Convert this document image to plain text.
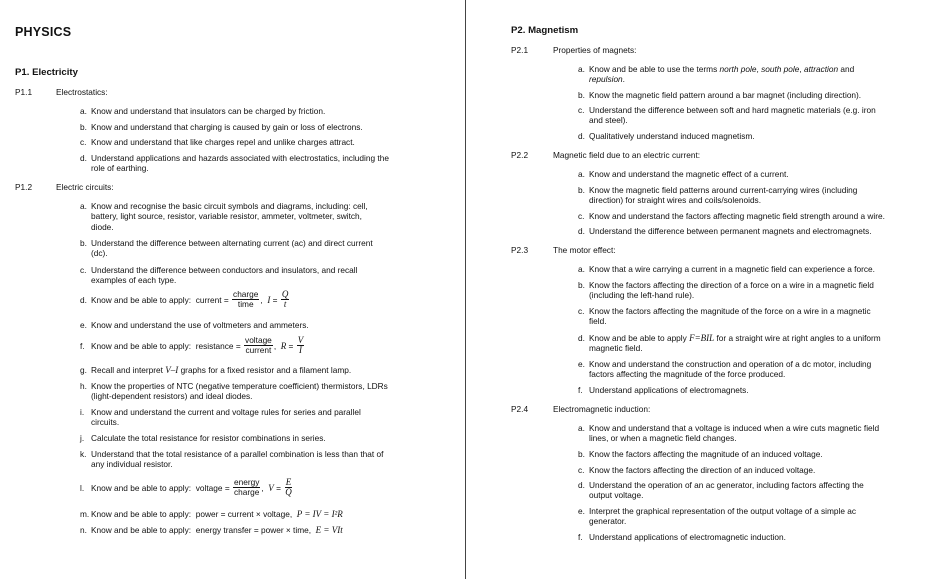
PHYSICS
P1. Electricity
P1.1	Electrostatics:
a. Know and understand that insulators can be charged by friction.
b. Know and understand that charging is caused by gain or loss of electrons.
c. Know and understand that like charges repel and unlike charges attract.
d. Understand applications and hazards associated with electrostatics, including the
role of earthing.
P1.2	Electric circuits:
a. Know and recognise the basic circuit symbols and diagrams, including: cell,
battery, light source, resistor, variable resistor, ammeter, voltmeter, switch,
diode.
b. Understand the difference between alternating current (ac) and direct current
(dc).
c. Understand the difference between conductors and insulators, and recall
examples of each type.
d. Know and be able to apply: current = $\frac{\text{charge}}{\text{time}}$ ,  $I = \frac{Q}{t}$
e. Know and understand the use of voltmeters and ammeters.
f. Know and be able to apply: resistance = $\frac{\text{voltage}}{\text{current}}$ ,  $R = \frac{V}{I}$
g. Recall and interpret V–I graphs for a fixed resistor and a filament lamp.
h. Know the properties of NTC (negative temperature coefficient) thermistors, LDRs
(light-dependent resistors) and ideal diodes.
i. Know and understand the current and voltage rules for series and parallel
circuits.
j. Calculate the total resistance for resistor combinations in series.
k. Understand that the total resistance of a parallel combination is less than that of
any individual resistor.
l. Know and be able to apply: voltage = $\frac{\text{energy}}{\text{charge}}$ ,  $V = \frac{E}{Q}$
m. Know and be able to apply: power = current × voltage, P = IV = I²R
n. Know and be able to apply: energy transfer = power × time, E = VIt
P2. Magnetism
P2.1	Properties of magnets:
a. Know and be able to use the terms north pole, south pole, attraction and
repulsion.
b. Know the magnetic field pattern around a bar magnet (including direction).
c. Understand the difference between soft and hard magnetic materials (e.g. iron
and steel).
d. Qualitatively understand induced magnetism.
P2.2	Magnetic field due to an electric current:
a. Know and understand the magnetic effect of a current.
b. Know the magnetic field patterns around current-carrying wires (including
direction) for straight wires and coils/solenoids.
c. Know and understand the factors affecting magnetic field strength around a wire.
d. Understand the difference between permanent magnets and electromagnets.
P2.3	The motor effect:
a. Know that a wire carrying a current in a magnetic field can experience a force.
b. Know the factors affecting the direction of a force on a wire in a magnetic field
(including the left-hand rule).
c. Know the factors affecting the magnitude of the force on a wire in a magnetic
field.
d. Know and be able to apply F=BIL for a straight wire at right angles to a uniform
magnetic field.
e. Know and understand the construction and operation of a dc motor, including
factors affecting the magnitude of the force produced.
f. Understand applications of electromagnets.
P2.4	Electromagnetic induction:
a. Know and understand that a voltage is induced when a wire cuts magnetic field
lines, or when a magnetic field changes.
b. Know the factors affecting the magnitude of an induced voltage.
c. Know the factors affecting the direction of an induced voltage.
d. Understand the operation of an ac generator, including factors affecting the
output voltage.
e. Interpret the graphical representation of the output voltage of a simple ac
generator.
f. Understand applications of electromagnetic induction.
